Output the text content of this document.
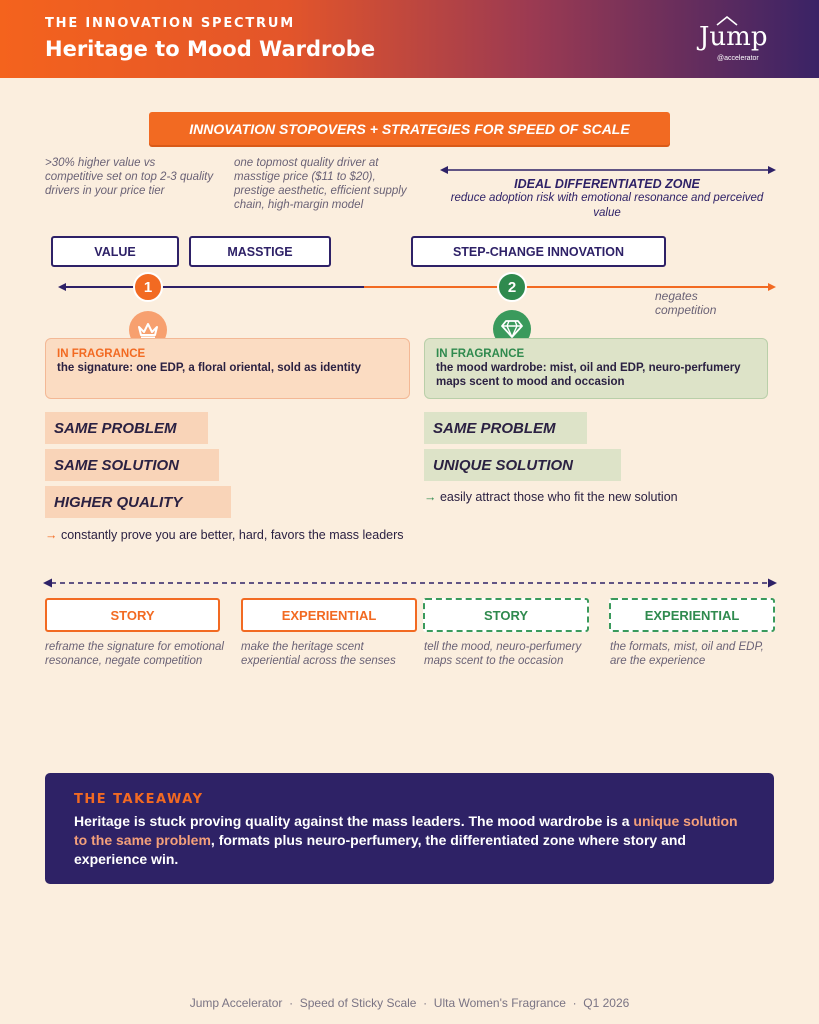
THE INNOVATION SPECTRUM
Heritage to Mood Wardrobe	Jump
@accelerator
INNOVATION STOPOVERS + STRATEGIES FOR SPEED OF SCALE
>30% higher value vs competitive set on top 2-3 quality drivers in your price tier
one topmost quality driver at masstige price ($11 to $20), prestige aesthetic, efficient supply chain, high-margin model
IDEAL DIFFERENTIATED ZONE
reduce adoption risk with emotional resonance and perceived value
VALUE	MASSTIGE	STEP-CHANGE INNOVATION
1	2
negates competition
IN FRAGRANCE
the signature: one EDP, a floral oriental, sold as identity
IN FRAGRANCE
the mood wardrobe: mist, oil and EDP, neuro-perfumery maps scent to mood and occasion
SAME PROBLEM
SAME SOLUTION
HIGHER QUALITY
SAME PROBLEM
UNIQUE SOLUTION
→ constantly prove you are better, hard, favors the mass leaders
→ easily attract those who fit the new solution
STORY	EXPERIENTIAL	STORY	EXPERIENTIAL
reframe the signature for emotional resonance, negate competition
make the heritage scent experiential across the senses
tell the mood, neuro-perfumery maps scent to the occasion
the formats, mist, oil and EDP, are the experience
THE TAKEAWAY
Heritage is stuck proving quality against the mass leaders. The mood wardrobe is a unique solution to the same problem, formats plus neuro-perfumery, the differentiated zone where story and experience win.
Jump Accelerator  ·  Speed of Sticky Scale  ·  Ulta Women's Fragrance  ·  Q1 2026
